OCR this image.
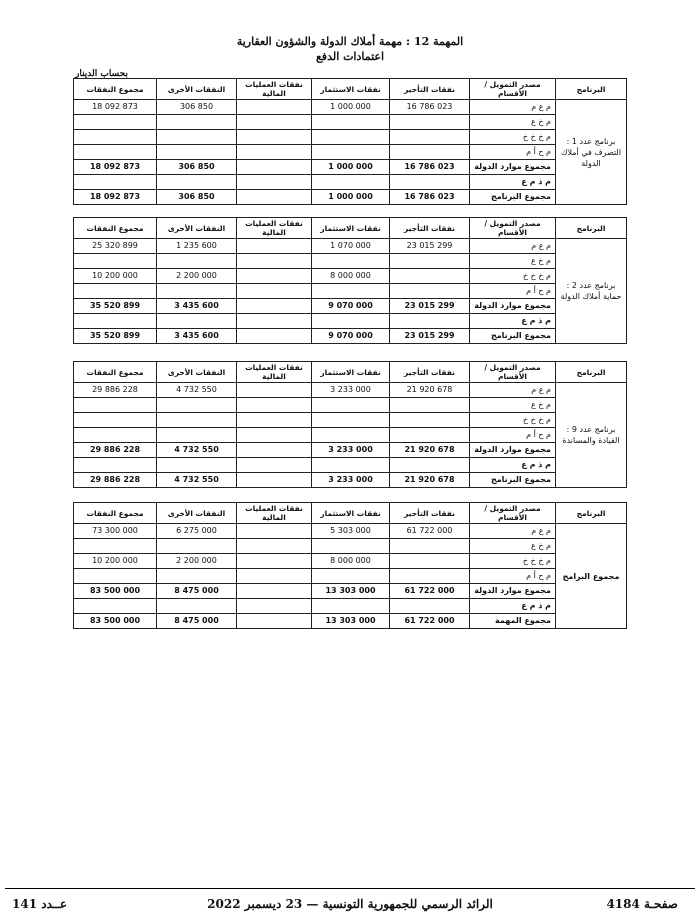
المهمة 12 : مهمة أملاك الدولة والشؤون العقارية
اعتمادات الدفع
بحساب الدينار
مجموع النفقات	النفقات الأخرى	نفقات العمليات المالية	نفقات الاستثمار	نفقات التأجير	مصدر التمويل / الأقسام	البرنامج
18 092 873	306 850		1 000 000	16 786 023	م ع م	برنامج عدد 1 : التصرف في أملاك الدولة
					م خ ع	
					م خ خ خ	
					م ح أ م	
18 092 873	306 850		1 000 000	16 786 023	مجموع موارد الدولة	
					م ذ م ع	
18 092 873	306 850		1 000 000	16 786 023	مجموع البرنامج	
مجموع النفقات	النفقات الأخرى	نفقات العمليات المالية	نفقات الاستثمار	نفقات التأجير	مصدر التمويل / الأقسام	البرنامج
25 320 899	1 235 600		1 070 000	23 015 299	م ع م	برنامج عدد 2 : حماية أملاك الدولة
					م خ ع	
10 200 000	2 200 000		8 000 000		م خ خ خ	
					م ح أ م	
35 520 899	3 435 600		9 070 000	23 015 299	مجموع موارد الدولة	
					م ذ م ع	
35 520 899	3 435 600		9 070 000	23 015 299	مجموع البرنامج	
مجموع النفقات	النفقات الأخرى	نفقات العمليات المالية	نفقات الاستثمار	نفقات التأجير	مصدر التمويل / الأقسام	البرنامج
29 886 228	4 732 550		3 233 000	21 920 678	م ع م	برنامج عدد 9 : القيادة والمساندة
					م خ ع	
					م خ خ خ	
					م ح أ م	
29 886 228	4 732 550		3 233 000	21 920 678	مجموع موارد الدولة	
					م ذ م ع	
29 886 228	4 732 550		3 233 000	21 920 678	مجموع البرنامج	
مجموع النفقات	النفقات الأخرى	نفقات العمليات المالية	نفقات الاستثمار	نفقات التأجير	مصدر التمويل / الأقسام	البرنامج
73 300 000	6 275 000		5 303 000	61 722 000	م ع م	مجموع البرامج
					م خ ع	
10 200 000	2 200 000		8 000 000		م خ خ خ	
					م ح أ م	
83 500 000	8 475 000		13 303 000	61 722 000	مجموع موارد الدولة	
					م ذ م ع	
83 500 000	8 475 000		13 303 000	61 722 000	مجموع المهمة	
صفحـة 4184
الرائد الرسمي للجمهورية التونسية — 23 ديسمبر 2022
عــدد 141
